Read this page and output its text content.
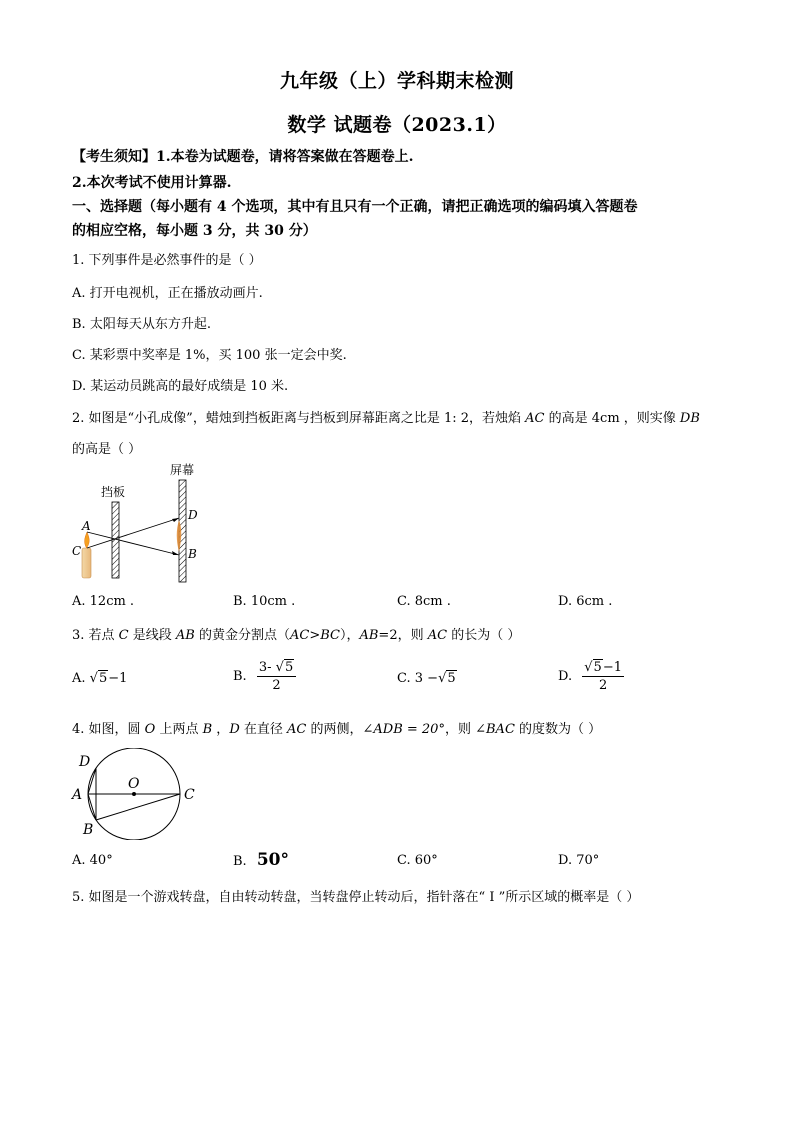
九年级（上）学科期末检测
数学 试题卷（2023.1）
【考生须知】1.本卷为试题卷，请将答案做在答题卷上.
2.本次考试不使用计算器.
一、选择题（每小题有 4 个选项，其中有且只有一个正确，请把正确选项的编码填入答题卷
的相应空格，每小题 3 分，共 30 分）
1. 下列事件是必然事件的是（ ）
A. 打开电视机，正在播放动画片.
B. 太阳每天从东方升起.
C. 某彩票中奖率是 1%，买 100 张一定会中奖.
D. 某运动员跳高的最好成绩是 10 米.
2. 如图是“小孔成像”，蜡烛到挡板距离与挡板到屏幕距离之比是 1: 2，若烛焰 AC 的高是 4cm ，则实像 DB
的高是（ ）
挡板
屏幕
A
C
D
B
A. 12cm .	B. 10cm .	C. 8cm .	D. 6cm .
3. 若点 C 是线段 AB 的黄金分割点（AC>BC），AB=2，则 AC 的长为（ ）
A. √5−1	B. $\frac{3- √5}{2}$	C. 3 −√5	D. $\frac{√5-1}{2}$
4. 如图，圆 O 上两点 B ，D 在直径 AC 的两侧，∠ADB = 20°，则 ∠BAC 的度数为（ ）
D
O
A	C
B
A. 40°	B. 50°	C. 60°	D. 70°
5. 如图是一个游戏转盘，自由转动转盘，当转盘停止转动后，指针落在“ I ”所示区域的概率是（ ）
